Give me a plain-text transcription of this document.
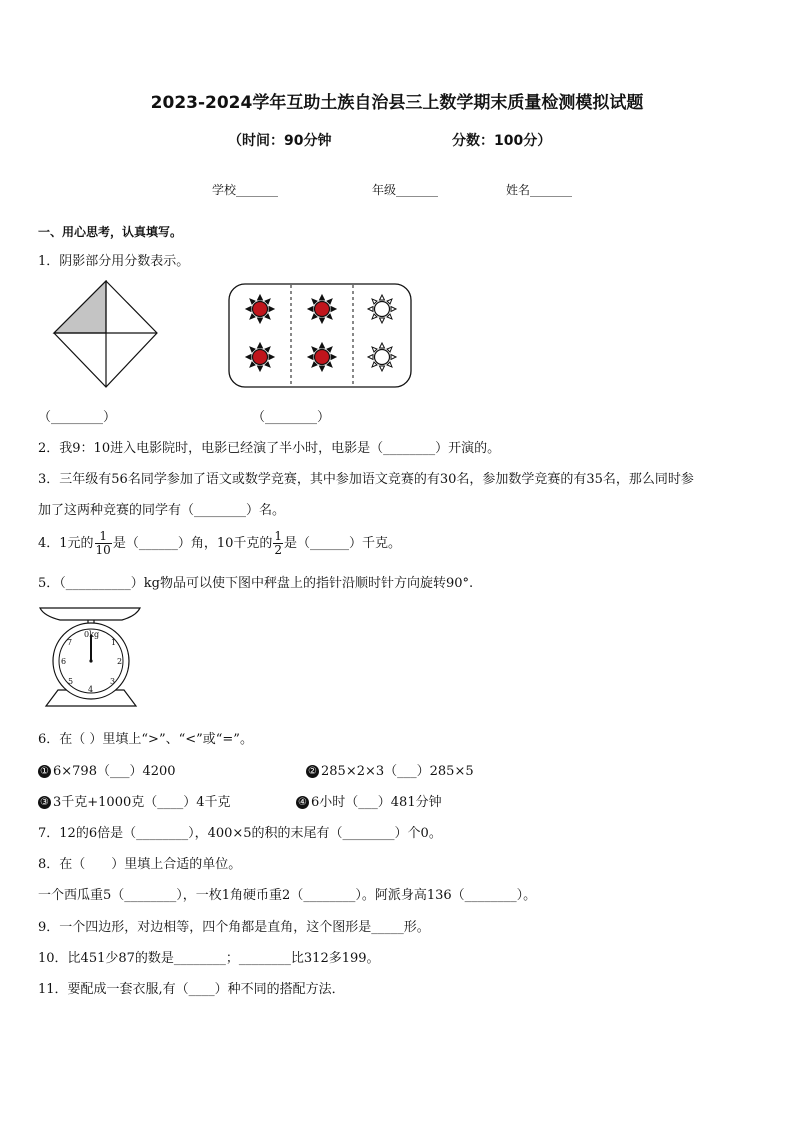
2023-2024学年互助土族自治县三上数学期末质量检测模拟试题
（时间：90分钟	分数：100分）
学校_______	年级_______	姓名_______
一、用心思考，认真填写。
1．阴影部分用分数表示。
（________）	（________）
2．我9：10进入电影院时，电影已经演了半小时，电影是（________）开演的。
3．三年级有56名同学参加了语文或数学竞赛，其中参加语文竞赛的有30名，参加数学竞赛的有35名，那么同时参
加了这两种竞赛的同学有（________）名。
4．1元的 $\frac{1}{10}$ 是（______）角，10千克的 $\frac{1}{2}$ 是（______）千克。
5．（__________）kg物品可以使下图中秤盘上的指针沿顺时针方向旋转90°.
0kg
1
2
3
4
5
6
7
6．在（ ）里填上“>”、“<”或“=”。
① 6×798（___）4200	② 285×2×3（___）285×5
③ 3千克+1000克（____）4千克	④ 6小时（___）481分钟
7．12的6倍是（________），400×5的积的末尾有（________）个0。
8．在（　　）里填上合适的单位。
一个西瓜重5（________），一枚1角硬币重2（________）。阿派身高136（________）。
9．一个四边形，对边相等，四个角都是直角，这个图形是_____形。
10．比451少87的数是________；________比312多199。
11．要配成一套衣服,有（____）种不同的搭配方法．
